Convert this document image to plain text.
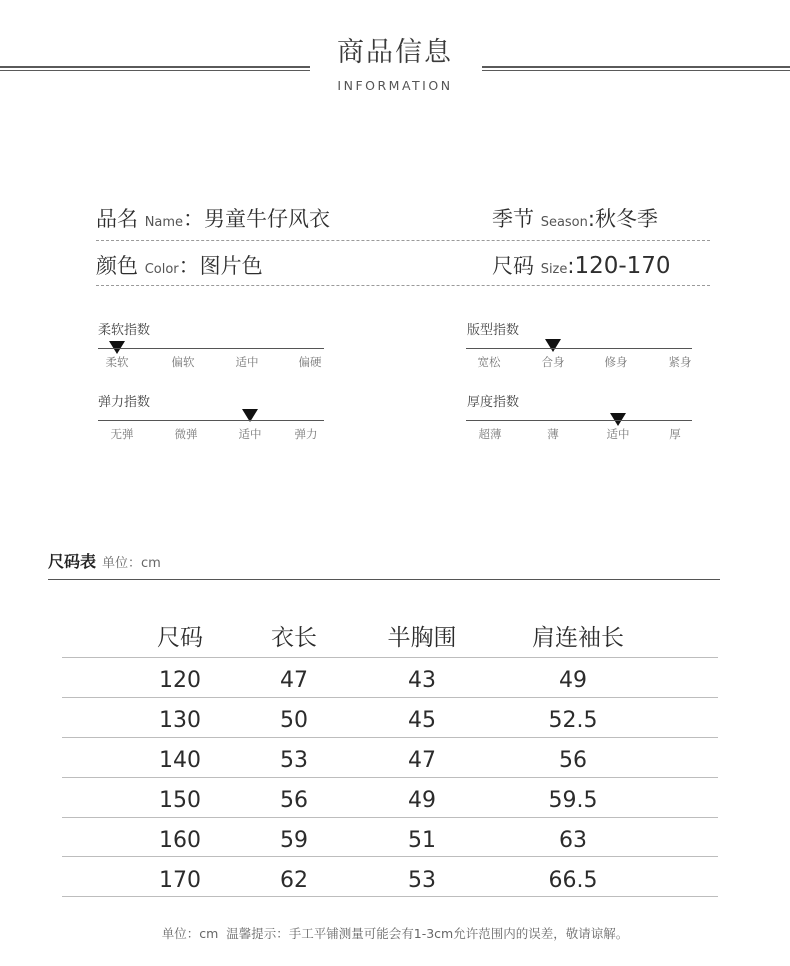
商品信息
INFORMATION
品名 Name：男童牛仔风衣	季节 Season:秋冬季
颜色 Color：图片色	尺码 Size:120-170
柔软指数
柔软	偏软	适中	偏硬
版型指数
宽松	合身	修身	紧身
弹力指数
无弹	微弹	适中	弹力
厚度指数
超薄	薄	适中	厚
尺码表 单位：cm
尺码	衣长	半胸围	肩连袖长
120	47	43	49
130	50	45	52.5
140	53	47	56
150	56	49	59.5
160	59	51	63
170	62	53	66.5
单位：cm  温馨提示：手工平铺测量可能会有1-3cm允许范围内的误差，敬请谅解。
